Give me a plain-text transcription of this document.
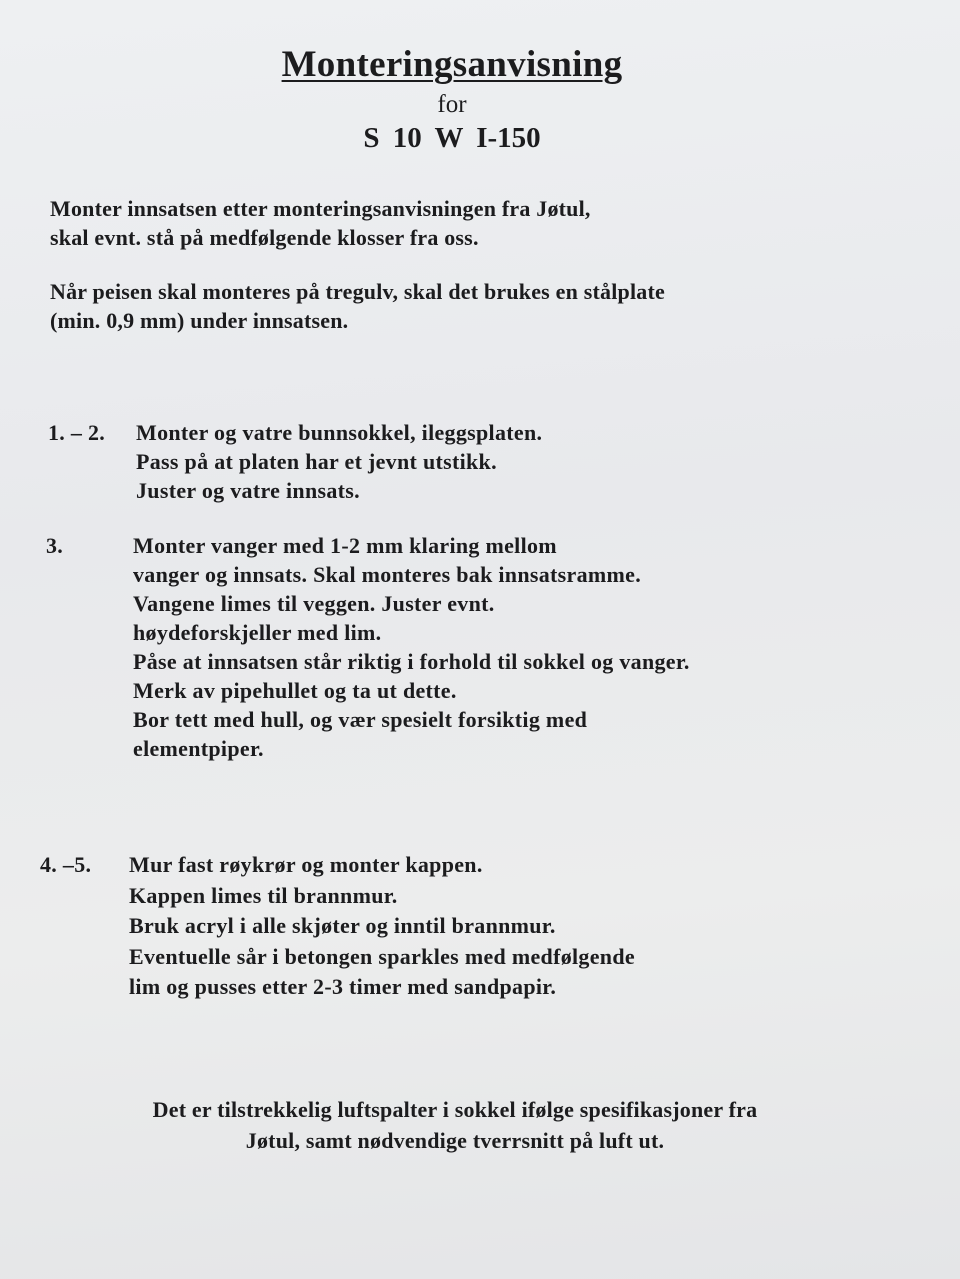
Monteringsanvisning
for
S 10 W I-150

Monter innsatsen etter monteringsanvisningen fra Jøtul,
skal evnt. stå på medfølgende klosser fra oss.

Når peisen skal monteres på tregulv, skal det brukes en stålplate
(min. 0,9 mm) under innsatsen.

1. – 2. Monter og vatre bunnsokkel, ileggsplaten.
Pass på at platen har et jevnt utstikk.
Juster og vatre innsats.
3.	Monter vanger med 1-2 mm klaring mellom
vanger og innsats. Skal monteres bak innsatsramme.
Vangene limes til veggen. Juster evnt.
høydeforskjeller med lim.
Påse at innsatsen står riktig i forhold til sokkel og vanger.
Merk av pipehullet og ta ut dette.
Bor tett med hull, og vær spesielt forsiktig med
elementpiper.
4. –5. Mur fast røykrør og monter kappen.
Kappen limes til brannmur.
Bruk acryl i alle skjøter og inntil brannmur.
Eventuelle sår i betongen sparkles med medfølgende
lim og pusses etter 2-3 timer med sandpapir.
Det er tilstrekkelig luftspalter i sokkel ifølge spesifikasjoner fra
Jøtul, samt nødvendige tverrsnitt på luft ut.
